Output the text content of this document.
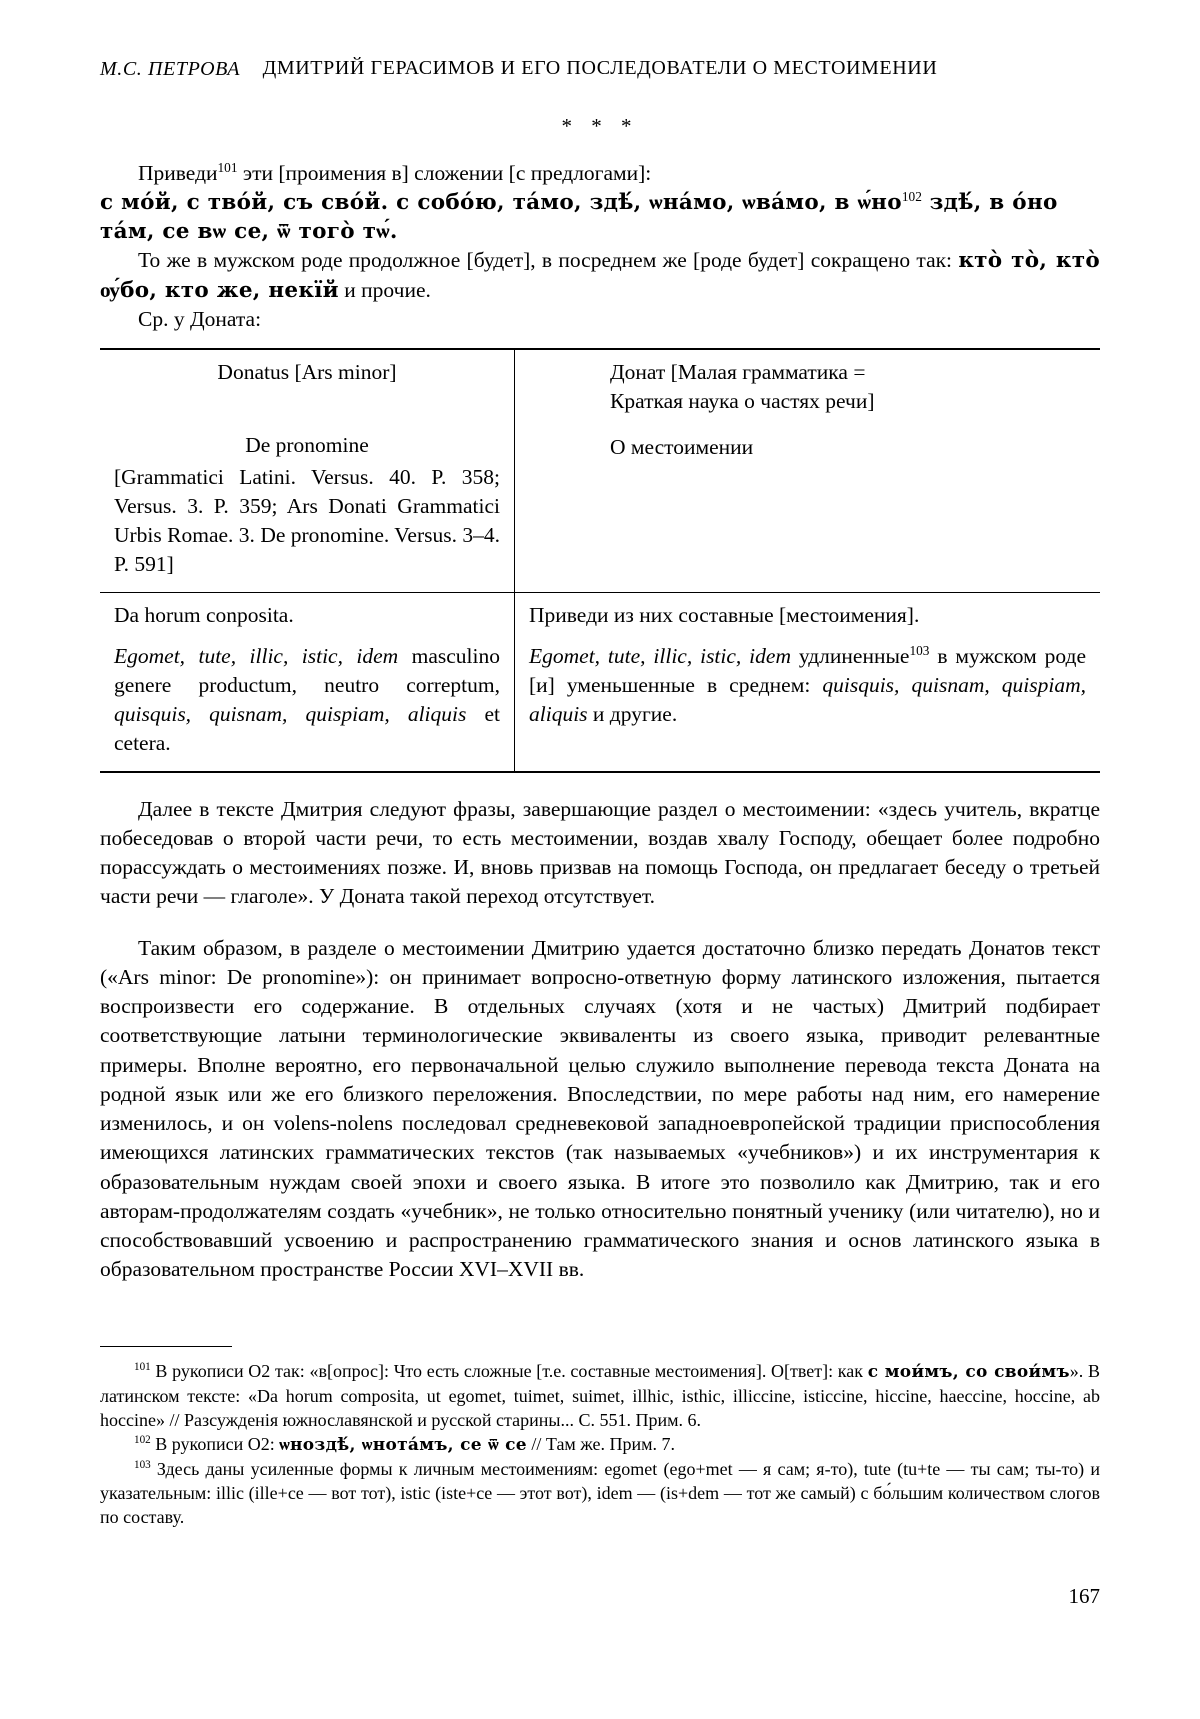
М.С. ПЕТРОВА	ДМИТРИЙ ГЕРАСИМОВ И ЕГО ПОСЛЕДОВАТЕЛИ О МЕСТОИМЕНИИ
* * *

Приведи$^{101}$ эти [проимения в] сложении [с предлогами]:

с мо́й, с тво́й, съ сво́й. с собо́ю, та́мо, здѣ́, ѡна́мо, ѡва́мо, в $ѡ́но^{102}$ здѣ́, в о́но та́м, се вѡ се, ѿ того̀ тѡ́.

То же в мужском роде продолжное [будет], в посреднем же [роде будет] сокращено так: кто̀ то̀, кто̀ ѹ́бо, кто же, некїй и прочие.

Ср. у Доната:

Donatus [Ars minor]
De pronomine
[Grammatici Latini. Versus. 40. P. 358; Versus. 3. P. 359; Ars Donati Grammatici Urbis Romae. 3. De pronomine. Versus. 3–4. P. 591]
Донат [Малая грамматика =
Краткая наука о частях речи]
О местоимении

Da horum conposita.

Egomet, tute, illic, istic, idem masculino genere productum, neutro correptum, quisquis, quisnam, quispiam, aliquis et cetera.

Приведи из них составные [местоимения].

Egomet, tute, illic, istic, idem удлиненные$^{103}$ в мужском роде [и] уменьшенные в среднем: quisquis, quisnam, quispiam, aliquis и другие.

Далее в тексте Дмитрия следуют фразы, завершающие раздел о местоимении: «здесь учитель, вкратце побеседовав о второй части речи, то есть местоимении, воздав хвалу Господу, обещает более подробно порассуждать о местоимениях позже. И, вновь призвав на помощь Господа, он предлагает беседу о третьей части речи — глаголе». У Доната такой переход отсутствует.

Таким образом, в разделе о местоимении Дмитрию удается достаточно близко передать Донатов текст («Ars minor: De pronomine»): он принимает вопросно-ответную форму латинского изложения, пытается воспроизвести его содержание. В отдельных случаях (хотя и не частых) Дмитрий подбирает соответствующие латыни терминологические эквиваленты из своего языка, приводит релевантные примеры. Вполне вероятно, его первоначальной целью служило выполнение перевода текста Доната на родной язык или же его близкого переложения. Впоследствии, по мере работы над ним, его намерение изменилось, и он volens-nolens последовал средневековой западноевропейской традиции приспособления имеющихся латинских грамматических текстов (так называемых «учебников») и их инструментария к образовательным нуждам своей эпохи и своего языка. В итоге это позволило как Дмитрию, так и его авторам-продолжателям создать «учебник», не только относительно понятный ученику (или читателю), но и способствовавший усвоению и распространению грамматического знания и основ латинского языка в образовательном пространстве России XVI–XVII вв.

$^{101}$ В рукописи О2 так: «в[опрос]: Что есть сложные [т.е. составные местоимения]. О[твет]: как с мои́мъ, со свои́мъ». В латинском тексте: «Da horum composita, ut egomet, tuimet, suimet, illhic, isthic, illiccine, isticcine, hiccine, haeccine, hoccine, ab hoccine» // Разсужденія южнославянской и русской старины... С. 551. Прим. 6.

$^{102}$ В рукописи О2: ѡноздѣ́, ѡнота́мъ, се ѿ се // Там же. Прим. 7.

$^{103}$ Здесь даны усиленные формы к личным местоимениям: egomet (ego+met — я сам; я-то), tute (tu+te — ты сам; ты-то) и указательным: illic (ille+ce — вот тот), istic (iste+ce — этот вот), idem — (is+dem — тот же самый) с бо́льшим количеством слогов по составу.

167
